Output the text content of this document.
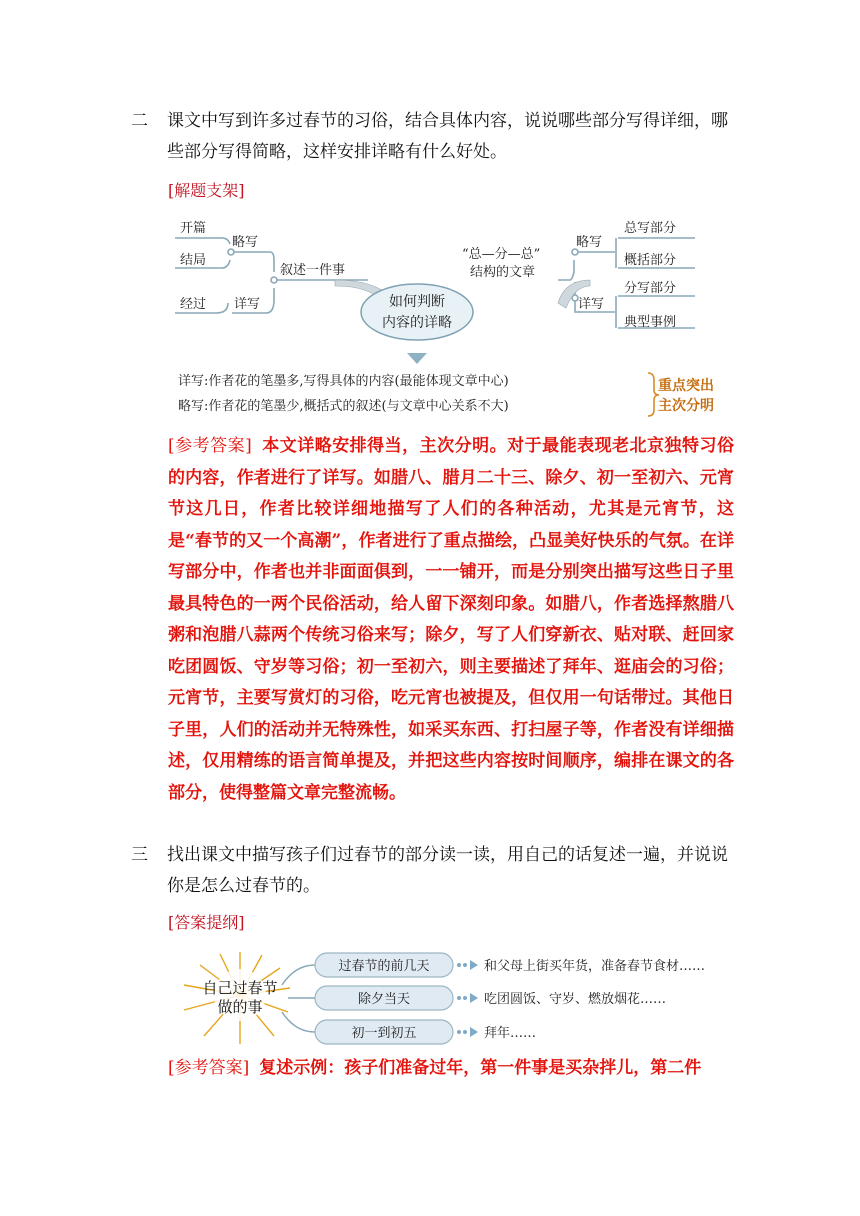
二	课文中写到许多过春节的习俗，结合具体内容，说说哪些部分写得详细，哪些部分写得简略，这样安排详略有什么好处。
[解题支架]
如何判断
内容的详略
开篇
结局
经过
略写
详写
叙述一件事
“总—分—总”
结构的文章
略写
详写
总写部分
概括部分
分写部分
典型事例
详写:作者花的笔墨多,写得具体的内容(最能体现文章中心)
略写:作者花的笔墨少,概括式的叙述(与文章中心关系不大)
重点突出
主次分明
[参考答案] 本文详略安排得当，主次分明。对于最能表现老北京独特习俗的内容，作者进行了详写。如腊八、腊月二十三、除夕、初一至初六、元宵节这几日，作者比较详细地描写了人们的各种活动，尤其是元宵节，这是“春节的又一个高潮”，作者进行了重点描绘，凸显美好快乐的气氛。在详写部分中，作者也并非面面俱到，一一铺开，而是分别突出描写这些日子里最具特色的一两个民俗活动，给人留下深刻印象。如腊八，作者选择熬腊八粥和泡腊八蒜两个传统习俗来写；除夕，写了人们穿新衣、贴对联、赶回家吃团圆饭、守岁等习俗；初一至初六，则主要描述了拜年、逛庙会的习俗；元宵节，主要写赏灯的习俗，吃元宵也被提及，但仅用一句话带过。其他日子里，人们的活动并无特殊性，如采买东西、打扫屋子等，作者没有详细描述，仅用精练的语言简单提及，并把这些内容按时间顺序，编排在课文的各部分，使得整篇文章完整流畅。
三	找出课文中描写孩子们过春节的部分读一读，用自己的话复述一遍，并说说你是怎么过春节的。
[答案提纲]
自己过春节
做的事
过春节的前几天
除夕当天
初一到初五
和父母上街买年货，准备春节食材……
吃团圆饭、守岁、燃放烟花……
拜年……
[参考答案] 复述示例：孩子们准备过年，第一件事是买杂拌儿，第二件
